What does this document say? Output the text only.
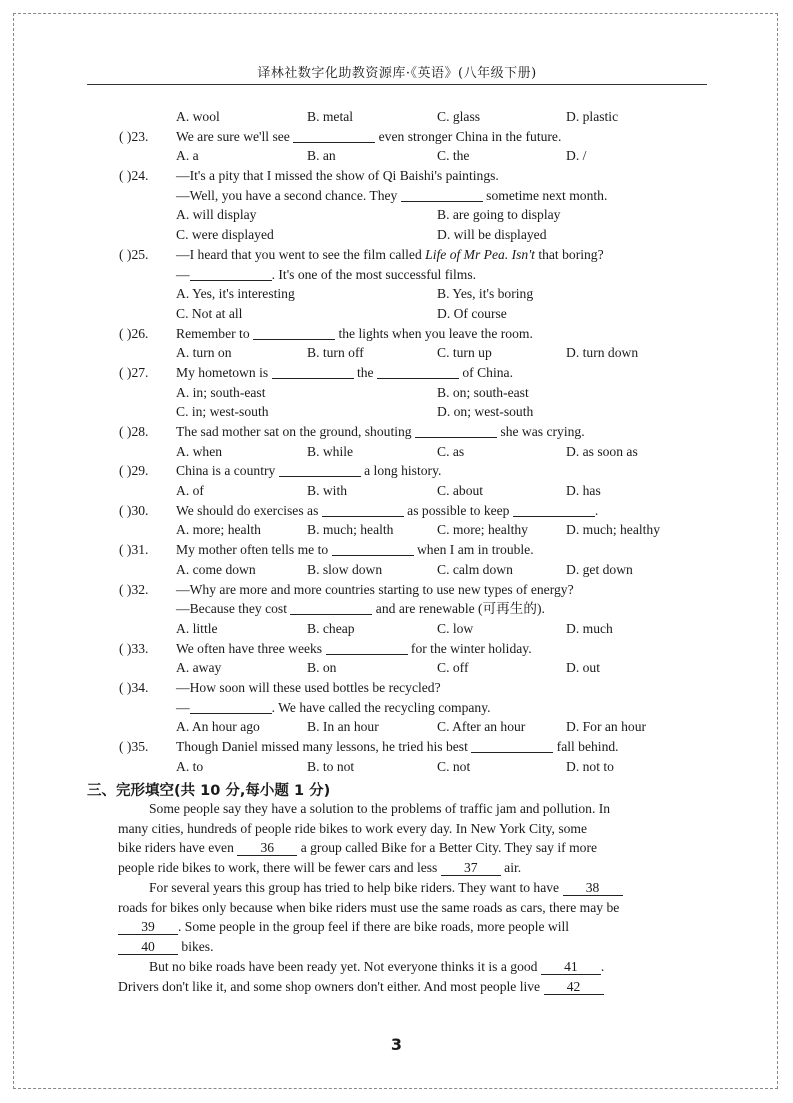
译林社数字化助教资源库·《英语》(八年级下册)
A. wool	B. metal	C. glass	D. plastic
( )23. We are sure we'll see	even stronger China in the future.
A. a	B. an	C. the	D. /
( )24. —It's a pity that I missed the show of Qi Baishi's paintings.
—Well, you have a second chance. They	sometime next month.
A. will display	B. are going to display
C. were displayed	D. will be displayed
( )25. —I heard that you went to see the film called Life of Mr Pea. Isn't that boring?
—	. It's one of the most successful films.
A. Yes, it's interesting	B. Yes, it's boring
C. Not at all	D. Of course
( )26. Remember to	the lights when you leave the room.
A. turn on	B. turn off	C. turn up	D. turn down
( )27. My hometown is	the	of China.
A. in; south-east	B. on; south-east
C. in; west-south	D. on; west-south
( )28. The sad mother sat on the ground, shouting	she was crying.
A. when	B. while	C. as	D. as soon as
( )29. China is a country	a long history.
A. of	B. with	C. about	D. has
( )30. We should do exercises as	as possible to keep	.
A. more; health	B. much; health	C. more; healthy	D. much; healthy
( )31. My mother often tells me to	when I am in trouble.
A. come down	B. slow down	C. calm down	D. get down
( )32. —Why are more and more countries starting to use new types of energy?
—Because they cost	and are renewable (可再生的).
A. little	B. cheap	C. low	D. much
( )33. We often have three weeks	for the winter holiday.
A. away	B. on	C. off	D. out
( )34. —How soon will these used bottles be recycled?
—	. We have called the recycling company.
A. An hour ago	B. In an hour	C. After an hour	D. For an hour
( )35. Though Daniel missed many lessons, he tried his best	fall behind.
A. to	B. to not	C. not	D. not to
三、完形填空(共 10 分,每小题 1 分)
Some people say they have a solution to the problems of traffic jam and pollution. In
many cities, hundreds of people ride bikes to work every day. In New York City, some
bike riders have even 36 a group called Bike for a Better City. They say if more
people ride bikes to work, there will be fewer cars and less 37 air.
For several years this group has tried to help bike riders. They want to have 38
roads for bikes only because when bike riders must use the same roads as cars, there may be
39 . Some people in the group feel if there are bike roads, more people will
40 bikes.
But no bike roads have been ready yet. Not everyone thinks it is a good 41 .
Drivers don't like it, and some shop owners don't either. And most people live 42
3
